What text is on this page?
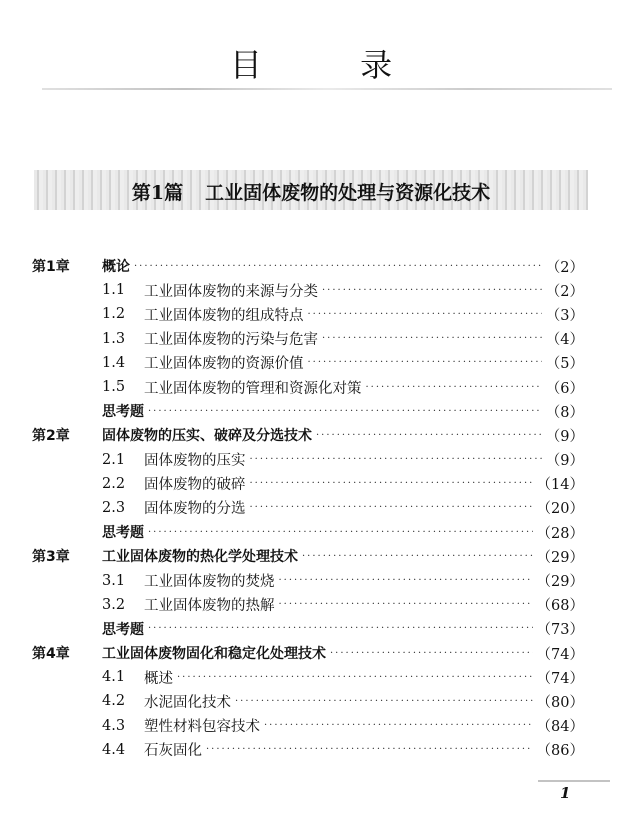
目 录
第1篇 工业固体废物的处理与资源化技术
第1章	概论 ·····	（2）
1.1	工业固体废物的来源与分类 ·····	（2）
1.2	工业固体废物的组成特点 ·····	（3）
1.3	工业固体废物的污染与危害 ·····	（4）
1.4	工业固体废物的资源价值 ·····	（5）
1.5	工业固体废物的管理和资源化对策 ·····	（6）
思考题 ·····	（8）
第2章	固体废物的压实、破碎及分选技术 ·····	（9）
2.1	固体废物的压实 ·····	（9）
2.2	固体废物的破碎 ·····	（14）
2.3	固体废物的分选 ·····	（20）
思考题 ·····	（28）
第3章	工业固体废物的热化学处理技术 ·····	（29）
3.1	工业固体废物的焚烧 ·····	（29）
3.2	工业固体废物的热解 ·····	（68）
思考题 ·····	（73）
第4章	工业固体废物固化和稳定化处理技术 ·····	（74）
4.1	概述 ·····	（74）
4.2	水泥固化技术 ·····	（80）
4.3	塑性材料包容技术 ·····	（84）
4.4	石灰固化 ·····	（86）
1
